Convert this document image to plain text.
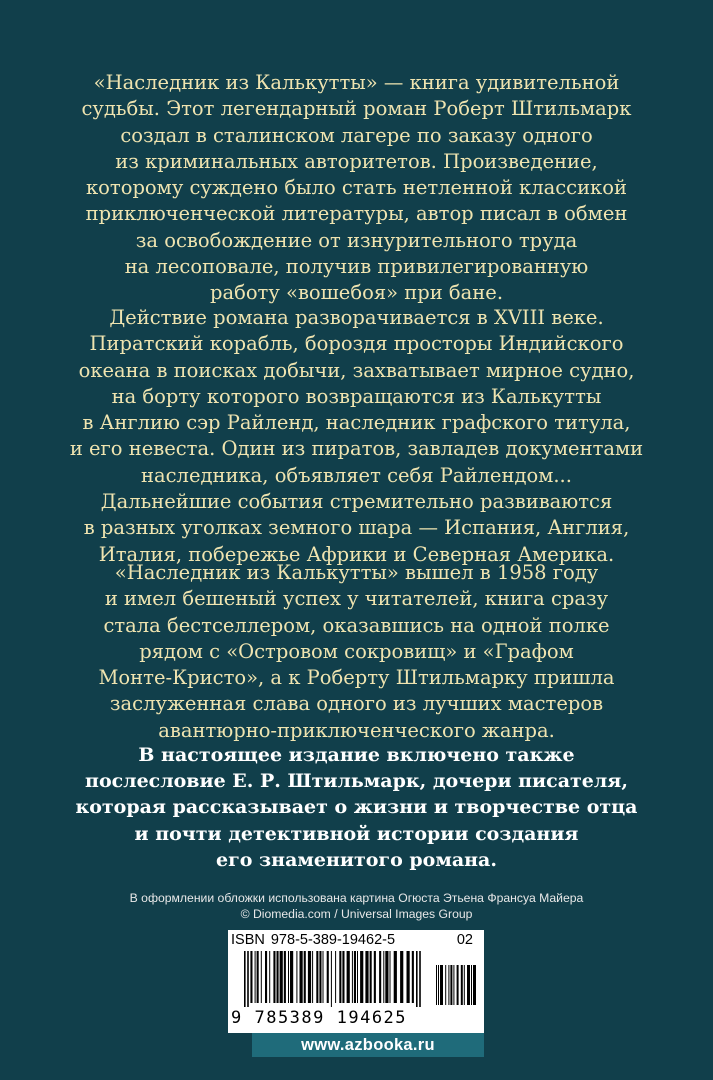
«Наследник из Калькутты» — книга удивительной
судьбы. Этот легендарный роман Роберт Штильмарк
создал в сталинском лагере по заказу одного
из криминальных авторитетов. Произведение,
которому суждено было стать нетленной классикой
приключенческой литературы, автор писал в обмен
за освобождение от изнурительного труда
на лесоповале, получив привилегированную
работу «вошебоя» при бане.
Действие романа разворачивается в XVIII веке.
Пиратский корабль, бороздя просторы Индийского
океана в поисках добычи, захватывает мирное судно,
на борту которого возвращаются из Калькутты
в Англию сэр Райленд, наследник графского титула,
и его невеста. Один из пиратов, завладев документами
наследника, объявляет себя Райлендом...
Дальнейшие события стремительно развиваются
в разных уголках земного шара — Испания, Англия,
Италия, побережье Африки и Северная Америка.
«Наследник из Калькутты» вышел в 1958 году
и имел бешеный успех у читателей, книга сразу
стала бестселлером, оказавшись на одной полке
рядом с «Островом сокровищ» и «Графом
Монте-Кристо», а к Роберту Штильмарку пришла
заслуженная слава одного из лучших мастеров
авантюрно-приключенческого жанра.
В настоящее издание включено также
послесловие Е. Р. Штильмарк, дочери писателя,
которая рассказывает о жизни и творчестве отца
и почти детективной истории создания
его знаменитого романа.
В оформлении обложки использована картина Огюста Этьена Франсуа Майера
© Diomedia.com / Universal Images Group
ISBN 978-5-389-19462-5	02
9 785389 194625
www.azbooka.ru
